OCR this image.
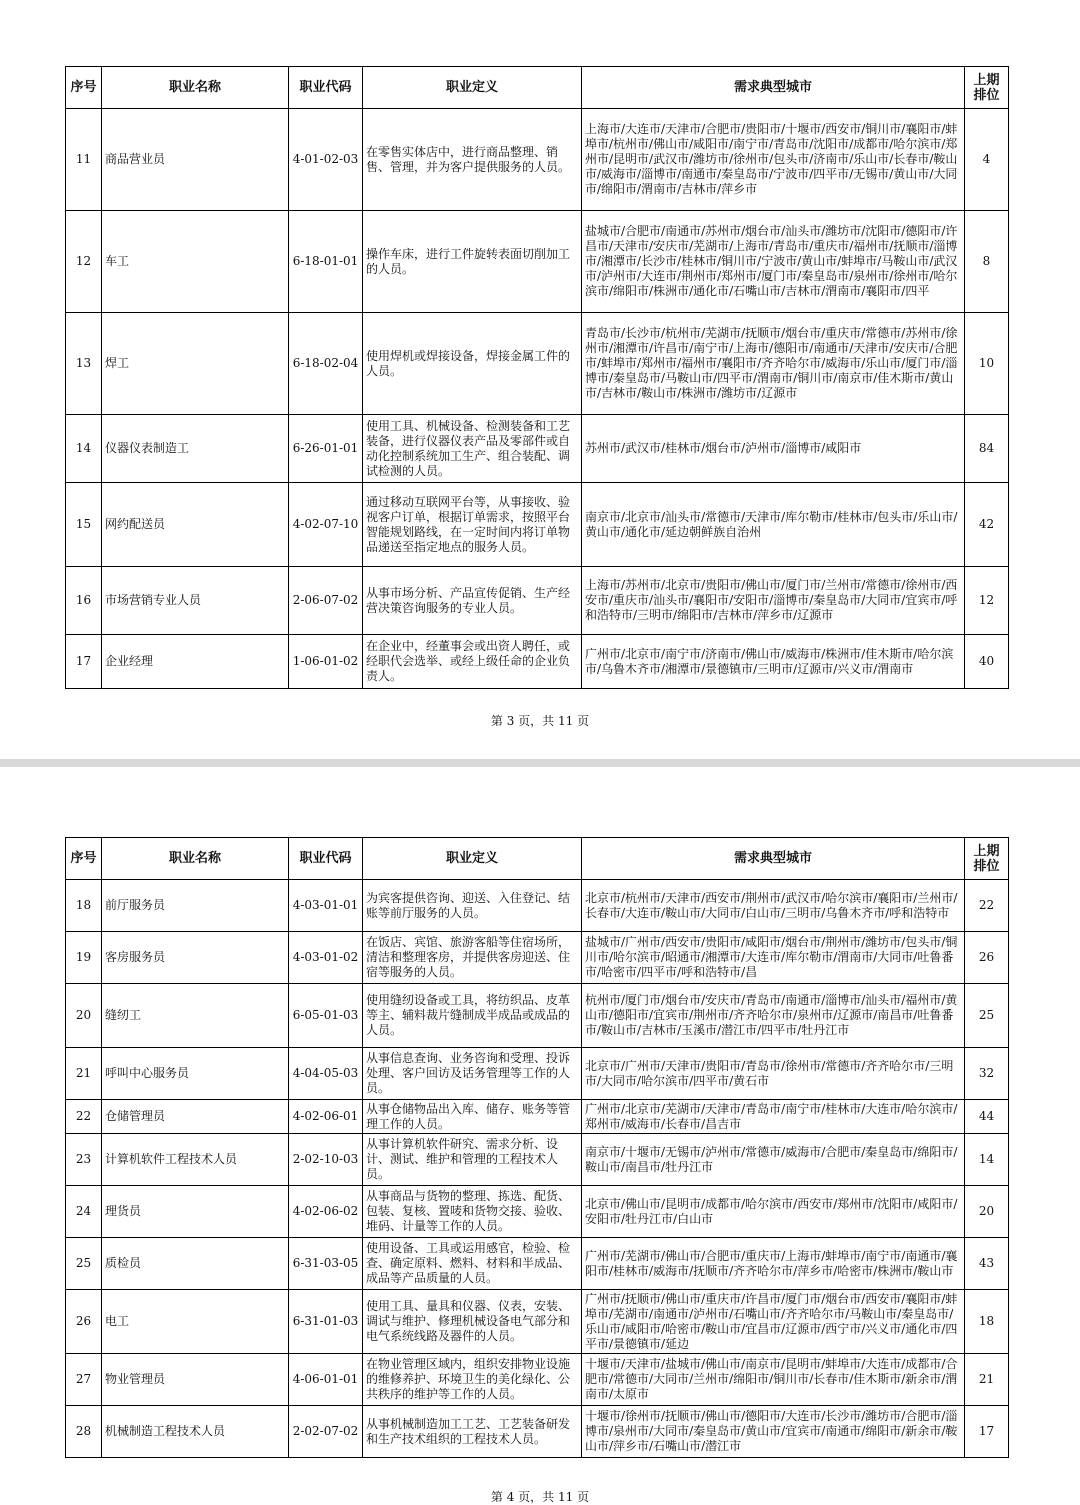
序号	职业名称	职业代码	职业定义	需求典型城市	上期排位

11	商品营业员	4-01-02-03	在零售实体店中，进行商品整理、销售、管理，并为客户提供服务的人员。	上海市/大连市/天津市/合肥市/贵阳市/十堰市/西安市/铜川市/襄阳市/蚌埠市/杭州市/佛山市/咸阳市/南宁市/青岛市/沈阳市/成都市/哈尔滨市/郑州市/昆明市/武汉市/潍坊市/徐州市/包头市/济南市/乐山市/长春市/鞍山市/威海市/淄博市/南通市/秦皇岛市/宁波市/四平市/无锡市/黄山市/大同市/绵阳市/渭南市/吉林市/萍乡市	4

12	车工	6-18-01-01	操作车床，进行工件旋转表面切削加工的人员。	盐城市/合肥市/南通市/苏州市/烟台市/汕头市/潍坊市/沈阳市/德阳市/许昌市/天津市/安庆市/芜湖市/上海市/青岛市/重庆市/福州市/抚顺市/淄博市/湘潭市/长沙市/桂林市/铜川市/宁波市/黄山市/蚌埠市/马鞍山市/武汉市/泸州市/大连市/荆州市/郑州市/厦门市/秦皇岛市/泉州市/徐州市/哈尔滨市/绵阳市/株洲市/通化市/石嘴山市/吉林市/渭南市/襄阳市/四平	8

13	焊工	6-18-02-04	使用焊机或焊接设备，焊接金属工件的人员。	青岛市/长沙市/杭州市/芜湖市/抚顺市/烟台市/重庆市/常德市/苏州市/徐州市/湘潭市/许昌市/南宁市/上海市/德阳市/南通市/天津市/安庆市/合肥市/蚌埠市/郑州市/福州市/襄阳市/齐齐哈尔市/威海市/乐山市/厦门市/淄博市/秦皇岛市/马鞍山市/四平市/渭南市/铜川市/南京市/佳木斯市/黄山市/吉林市/鞍山市/株洲市/潍坊市/辽源市	10

14	仪器仪表制造工	6-26-01-01	使用工具、机械设备、检测装备和工艺装备，进行仪器仪表产品及零部件或自动化控制系统加工生产、组合装配、调试检测的人员。	苏州市/武汉市/桂林市/烟台市/泸州市/淄博市/咸阳市	84

15	网约配送员	4-02-07-10	通过移动互联网平台等，从事接收、验视客户订单，根据订单需求，按照平台智能规划路线，在一定时间内将订单物品递送至指定地点的服务人员。	南京市/北京市/汕头市/常德市/天津市/库尔勒市/桂林市/包头市/乐山市/黄山市/通化市/延边朝鲜族自治州	42

16	市场营销专业人员	2-06-07-02	从事市场分析、产品宣传促销、生产经营决策咨询服务的专业人员。	上海市/苏州市/北京市/贵阳市/佛山市/厦门市/兰州市/常德市/徐州市/西安市/重庆市/汕头市/襄阳市/安阳市/淄博市/秦皇岛市/大同市/宜宾市/呼和浩特市/三明市/绵阳市/吉林市/萍乡市/辽源市	12

17	企业经理	1-06-01-02	在企业中，经董事会或出资人聘任，或经职代会选举、或经上级任命的企业负责人。	广州市/北京市/南宁市/济南市/佛山市/威海市/株洲市/佳木斯市/哈尔滨市/乌鲁木齐市/湘潭市/景德镇市/三明市/辽源市/兴义市/渭南市	40
第 3 页，共 11 页
序号	职业名称	职业代码	职业定义	需求典型城市	上期排位

18	前厅服务员	4-03-01-01	为宾客提供咨询、迎送、入住登记、结账等前厅服务的人员。	北京市/杭州市/天津市/西安市/荆州市/武汉市/哈尔滨市/襄阳市/兰州市/长春市/大连市/鞍山市/大同市/白山市/三明市/乌鲁木齐市/呼和浩特市	22

19	客房服务员	4-03-01-02	在饭店、宾馆、旅游客船等住宿场所，清洁和整理客房，并提供客房迎送、住宿等服务的人员。	盐城市/广州市/西安市/贵阳市/咸阳市/烟台市/荆州市/潍坊市/包头市/铜川市/哈尔滨市/昭通市/湘潭市/大连市/库尔勒市/渭南市/大同市/吐鲁番市/哈密市/四平市/呼和浩特市/昌	26

20	缝纫工	6-05-01-03	使用缝纫设备或工具，将纺织品、皮革等主、辅料裁片缝制成半成品或成品的人员。	杭州市/厦门市/烟台市/安庆市/青岛市/南通市/淄博市/汕头市/福州市/黄山市/德阳市/宜宾市/荆州市/齐齐哈尔市/泉州市/辽源市/南昌市/吐鲁番市/鞍山市/吉林市/玉溪市/潜江市/四平市/牡丹江市	25

21	呼叫中心服务员	4-04-05-03	从事信息查询、业务咨询和受理、投诉处理、客户回访及话务管理等工作的人员。	北京市/广州市/天津市/贵阳市/青岛市/徐州市/常德市/齐齐哈尔市/三明市/大同市/哈尔滨市/四平市/黄石市	32

22	仓储管理员	4-02-06-01	从事仓储物品出入库、储存、账务等管理工作的人员。	广州市/北京市/芜湖市/天津市/青岛市/南宁市/桂林市/大连市/哈尔滨市/郑州市/威海市/长春市/昌吉市	44

23	计算机软件工程技术人员	2-02-10-03	从事计算机软件研究、需求分析、设计、测试、维护和管理的工程技术人员。	南京市/十堰市/无锡市/泸州市/常德市/威海市/合肥市/秦皇岛市/绵阳市/鞍山市/南昌市/牡丹江市	14

24	理货员	4-02-06-02	从事商品与货物的整理、拣选、配货、包装、复核、置唛和货物交接、验收、堆码、计量等工作的人员。	北京市/佛山市/昆明市/成都市/哈尔滨市/西安市/郑州市/沈阳市/咸阳市/安阳市/牡丹江市/白山市	20

25	质检员	6-31-03-05	使用设备、工具或运用感官，检验、检查、确定原料、燃料、材料和半成品、成品等产品质量的人员。	广州市/芜湖市/佛山市/合肥市/重庆市/上海市/蚌埠市/南宁市/南通市/襄阳市/桂林市/威海市/抚顺市/齐齐哈尔市/萍乡市/哈密市/株洲市/鞍山市	43

26	电工	6-31-01-03	使用工具、量具和仪器、仪表，安装、调试与维护、修理机械设备电气部分和电气系统线路及器件的人员。	广州市/抚顺市/佛山市/重庆市/许昌市/厦门市/烟台市/西安市/襄阳市/蚌埠市/芜湖市/南通市/泸州市/石嘴山市/齐齐哈尔市/马鞍山市/秦皇岛市/乐山市/咸阳市/哈密市/鞍山市/宜昌市/辽源市/西宁市/兴义市/通化市/四平市/景德镇市/延边	18

27	物业管理员	4-06-01-01	在物业管理区域内，组织安排物业设施的维修养护、环境卫生的美化绿化、公共秩序的维护等工作的人员。	十堰市/天津市/盐城市/佛山市/南京市/昆明市/蚌埠市/大连市/成都市/合肥市/常德市/大同市/兰州市/绵阳市/铜川市/长春市/佳木斯市/新余市/渭南市/太原市	21

28	机械制造工程技术人员	2-02-07-02	从事机械制造加工工艺、工艺装备研发和生产技术组织的工程技术人员。	十堰市/徐州市/抚顺市/佛山市/德阳市/大连市/长沙市/潍坊市/合肥市/淄博市/泉州市/大同市/秦皇岛市/黄山市/宜宾市/南通市/绵阳市/新余市/鞍山市/萍乡市/石嘴山市/潜江市	17
第 4 页，共 11 页
